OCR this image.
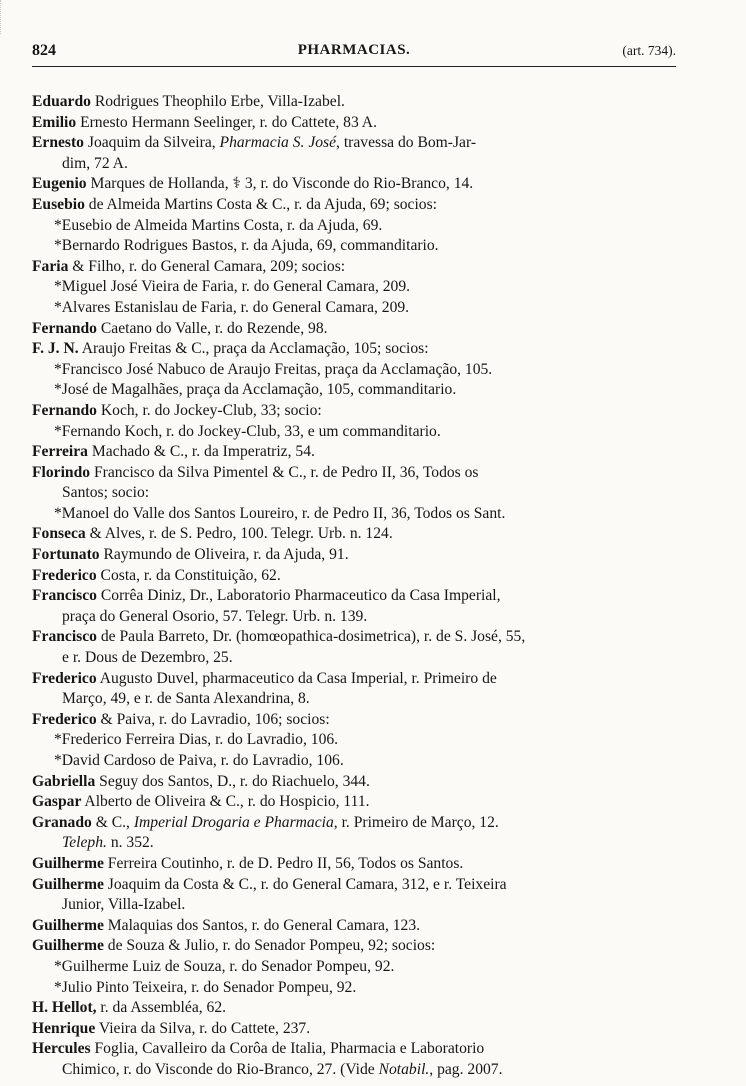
824	PHARMACIAS.	(art. 734).
Eduardo Rodrigues Theophilo Erbe, Villa-Izabel.
Emilio Ernesto Hermann Seelinger, r. do Cattete, 83 A.
Ernesto Joaquim da Silveira, Pharmacia S. José, travessa do Bom-Jar-
dim, 72 A.
Eugenio Marques de Hollanda, ⚕ 3, r. do Visconde do Rio-Branco, 14.
Eusebio de Almeida Martins Costa & C., r. da Ajuda, 69; socios:
*Eusebio de Almeida Martins Costa, r. da Ajuda, 69.
*Bernardo Rodrigues Bastos, r. da Ajuda, 69, commanditario.
Faria & Filho, r. do General Camara, 209; socios:
*Miguel José Vieira de Faria, r. do General Camara, 209.
*Alvares Estanislau de Faria, r. do General Camara, 209.
Fernando Caetano do Valle, r. do Rezende, 98.
F. J. N. Araujo Freitas & C., praça da Acclamação, 105; socios:
*Francisco José Nabuco de Araujo Freitas, praça da Acclamação, 105.
*José de Magalhães, praça da Acclamação, 105, commanditario.
Fernando Koch, r. do Jockey-Club, 33; socio:
*Fernando Koch, r. do Jockey-Club, 33, e um commanditario.
Ferreira Machado & C., r. da Imperatriz, 54.
Florindo Francisco da Silva Pimentel & C., r. de Pedro II, 36, Todos os
Santos; socio:
*Manoel do Valle dos Santos Loureiro, r. de Pedro II, 36, Todos os Sant.
Fonseca & Alves, r. de S. Pedro, 100. Telegr. Urb. n. 124.
Fortunato Raymundo de Oliveira, r. da Ajuda, 91.
Frederico Costa, r. da Constituição, 62.
Francisco Corrêa Diniz, Dr., Laboratorio Pharmaceutico da Casa Imperial,
praça do General Osorio, 57. Telegr. Urb. n. 139.
Francisco de Paula Barreto, Dr. (homœopathica-dosimetrica), r. de S. José, 55,
e r. Dous de Dezembro, 25.
Frederico Augusto Duvel, pharmaceutico da Casa Imperial, r. Primeiro de
Março, 49, e r. de Santa Alexandrina, 8.
Frederico & Paiva, r. do Lavradio, 106; socios:
*Frederico Ferreira Dias, r. do Lavradio, 106.
*David Cardoso de Paiva, r. do Lavradio, 106.
Gabriella Seguy dos Santos, D., r. do Riachuelo, 344.
Gaspar Alberto de Oliveira & C., r. do Hospicio, 111.
Granado & C., Imperial Drogaria e Pharmacia, r. Primeiro de Março, 12.
Teleph. n. 352.
Guilherme Ferreira Coutinho, r. de D. Pedro II, 56, Todos os Santos.
Guilherme Joaquim da Costa & C., r. do General Camara, 312, e r. Teixeira
Junior, Villa-Izabel.
Guilherme Malaquias dos Santos, r. do General Camara, 123.
Guilherme de Souza & Julio, r. do Senador Pompeu, 92; socios:
*Guilherme Luiz de Souza, r. do Senador Pompeu, 92.
*Julio Pinto Teixeira, r. do Senador Pompeu, 92.
H. Hellot, r. da Assembléa, 62.
Henrique Vieira da Silva, r. do Cattete, 237.
Hercules Foglia, Cavalleiro da Corôa de Italia, Pharmacia e Laboratorio
Chimico, r. do Visconde do Rio-Branco, 27. (Vide Notabil., pag. 2007.
